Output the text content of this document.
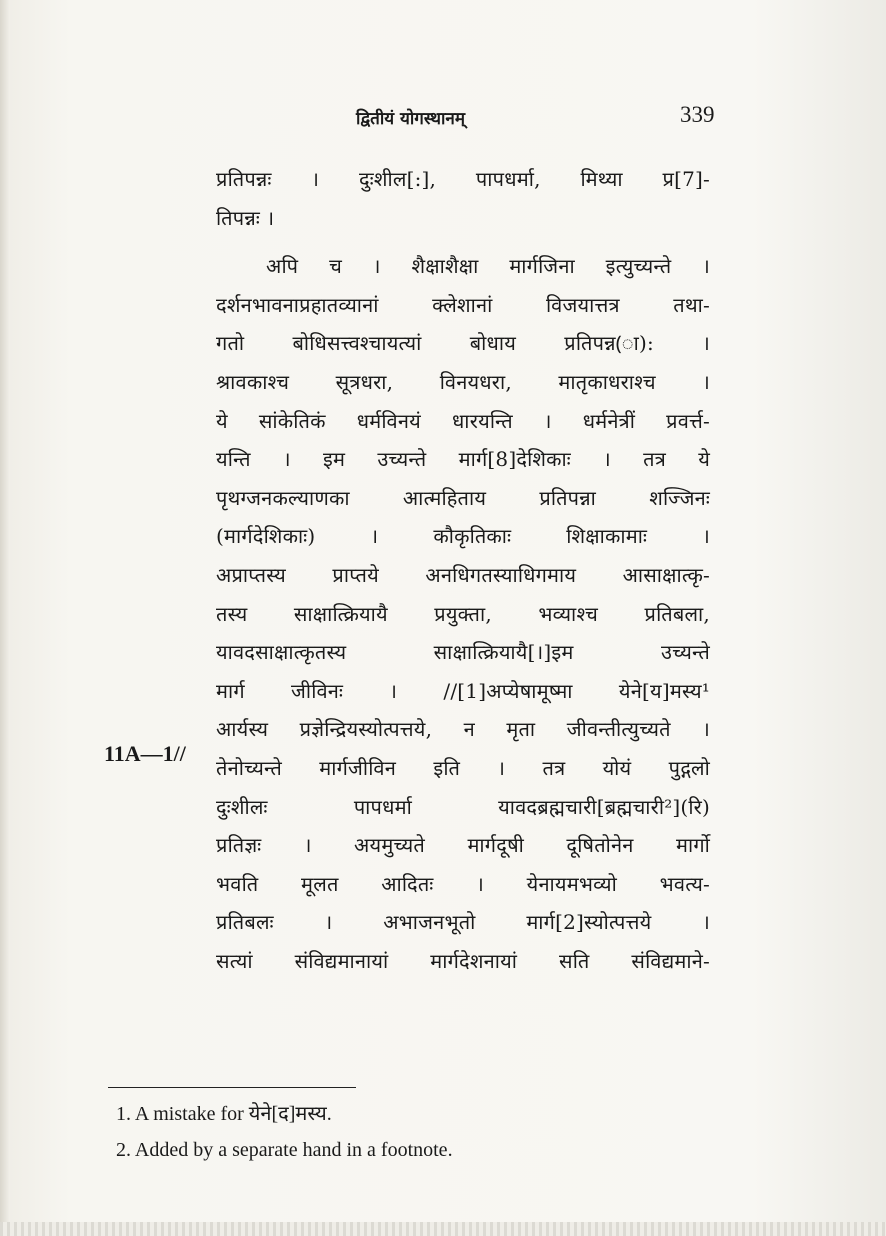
द्वितीयं योगस्थानम्	339
11A—1//
प्रतिपन्नः । दुःशील[:], पापधर्मा, मिथ्या प्र[7]-
तिपन्नः ।
अपि च । शैक्षाशैक्षा मार्गजिना इत्युच्यन्ते ।
दर्शनभावनाप्रहातव्यानां क्लेशानां विजयात्तत्र तथा-
गतो बोधिसत्त्वश्चायत्यां बोधाय प्रतिपन्न(ा): ।
श्रावकाश्च सूत्रधरा, विनयधरा, मातृकाधराश्च ।
ये सांकेतिकं धर्मविनयं धारयन्ति । धर्मनेत्रीं प्रवर्त्त-
यन्ति । इम उच्यन्ते मार्ग[8]देशिकाः । तत्र ये
पृथग्जनकल्याणका आत्महिताय प्रतिपन्ना शज्जिनः
(मार्गदेशिकाः) । कौकृतिकाः शिक्षाकामाः ।
अप्राप्तस्य प्राप्तये अनधिगतस्याधिगमाय आसाक्षात्कृ-
तस्य साक्षात्क्रियायै प्रयुक्ता, भव्याश्च प्रतिबला,
यावदसाक्षात्कृतस्य साक्षात्क्रियायै[।]इम उच्यन्ते
मार्ग जीविनः । //[1]अप्येषामूष्मा येने[य]मस्य¹
आर्यस्य प्रज्ञेन्द्रियस्योत्पत्तये, न मृता जीवन्तीत्युच्यते ।
तेनोच्यन्ते मार्गजीविन इति । तत्र योयं पुद्गलो
दुःशीलः पापधर्मा यावदब्रह्मचारी[ब्रह्मचारी²](रि)
प्रतिज्ञः । अयमुच्यते मार्गदूषी दूषितोनेन मार्गो
भवति मूलत आदितः । येनायमभव्यो भवत्य-
प्रतिबलः । अभाजनभूतो मार्ग[2]स्योत्पत्तये ।
सत्यां संविद्यमानायां मार्गदेशनायां सति संविद्यमाने-
1. A mistake for येने[द]मस्य.
2. Added by a separate hand in a footnote.
